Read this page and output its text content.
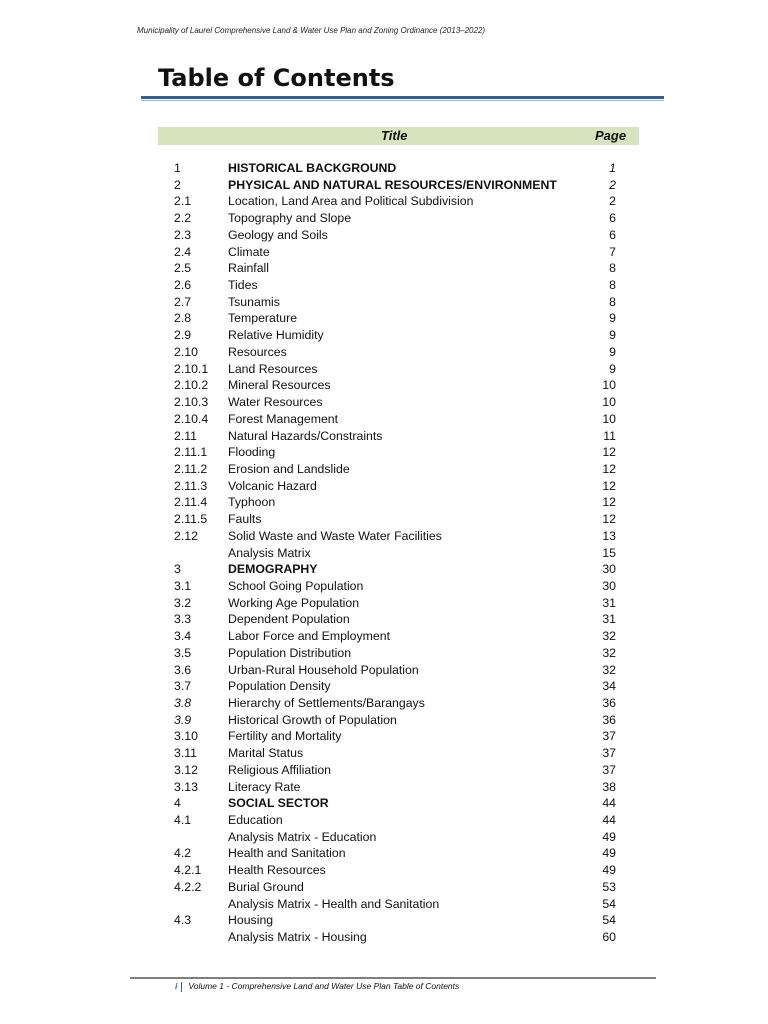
Municipality of Laurel Comprehensive Land & Water Use Plan and Zoning Ordinance (2013–2022)
Table of Contents
Title	Page
1	HISTORICAL BACKGROUND	1
2	PHYSICAL AND NATURAL RESOURCES/ENVIRONMENT	2
2.1	Location, Land Area and Political Subdivision	2
2.2	Topography and Slope	6
2.3	Geology and Soils	6
2.4	Climate	7
2.5	Rainfall	8
2.6	Tides	8
2.7	Tsunamis	8
2.8	Temperature	9
2.9	Relative Humidity	9
2.10 Resources	9
2.10.1 Land Resources	9
2.10.2 Mineral Resources	10
2.10.3 Water Resources	10
2.10.4 Forest Management	10
2.11	Natural Hazards/Constraints	11
2.11.1 Flooding	12
2.11.2 Erosion and Landslide	12
2.11.3 Volcanic Hazard	12
2.11.4 Typhoon	12
2.11.5 Faults	12
2.12 Solid Waste and Waste Water Facilities	13
Analysis Matrix	15
3	DEMOGRAPHY	30
3.1	School Going Population	30
3.2	Working Age Population	31
3.3	Dependent Population	31
3.4	Labor Force and Employment	32
3.5	Population Distribution	32
3.6	Urban-Rural Household Population	32
3.7	Population Density	34
3.8	Hierarchy of Settlements/Barangays	36
3.9	Historical Growth of Population	36
3.10 Fertility and Mortality	37
3.11	Marital Status	37
3.12 Religious Affiliation	37
3.13 Literacy Rate	38
4	SOCIAL SECTOR	44
4.1	Education	44
Analysis Matrix - Education	49
4.2	Health and Sanitation	49
4.2.1 Health Resources	49
4.2.2 Burial Ground	53
Analysis Matrix - Health and Sanitation	54
4.3	Housing	54
Analysis Matrix - Housing	60
i Volume 1 - Comprehensive Land and Water Use Plan Table of Contents
